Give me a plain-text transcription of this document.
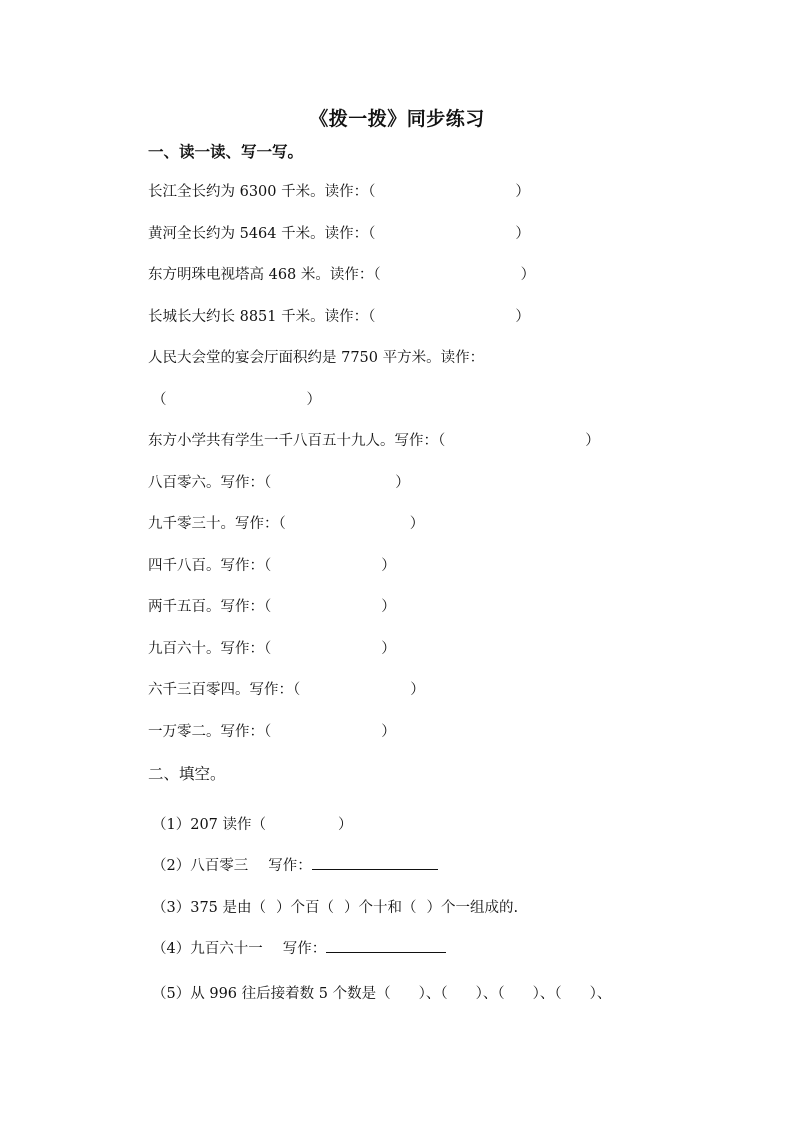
《拨一拨》同步练习
一、读一读、写一写。
长江全长约为 6300 千米。读作：（	）
黄河全长约为 5464 千米。读作：（	）
东方明珠电视塔高 468 米。读作：（	）
长城长大约长 8851 千米。读作：（	）
人民大会堂的宴会厅面积约是 7750 平方米。读作：
（	）
东方小学共有学生一千八百五十九人。写作：（	）
八百零六。写作：（	）
九千零三十。写作：（	）
四千八百。写作：（	）
两千五百。写作：（	）
九百六十。写作：（	）
六千三百零四。写作：（	）
一万零二。写作：（	）
二、填空。
（1）207 读作（	）
（2）八百零三 写作：
（3）375 是由（ ）个百（ ）个十和（ ）个一组成的.
（4）九百六十一 写作：
（5）从 996 往后接着数 5 个数是（ ）、（ ）、（ ）、（ ）、
